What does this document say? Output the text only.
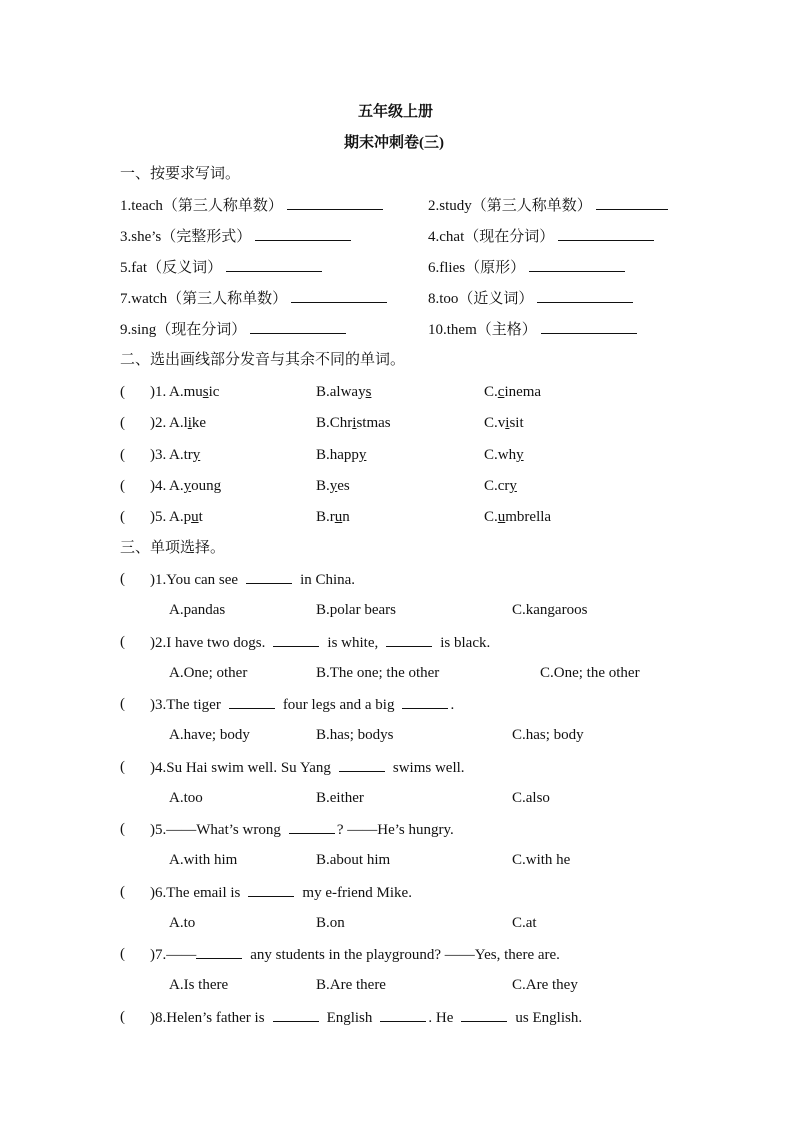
五年级上册
期末冲刺卷(三)
一、按要求写词。
1.teach（第三人称单数）	2.study（第三人称单数）
3.she’s（完整形式）	4.chat（现在分词）
5.fat（反义词）	6.flies（原形）
7.watch（第三人称单数）	8.too（近义词）
9.sing（现在分词）	10.them（主格）
二、选出画线部分发音与其余不同的单词。
( )1. A.music	B.always	C.cinema
( )2. A.like	B.Christmas	C.visit
( )3. A.try	B.happy	C.why
( )4. A.young	B.yes	C.cry
( )5. A.put	B.run	C.umbrella
三、单项选择。
( )1.You can see	in China.
A.pandas	B.polar bears	C.kangaroos
( )2.I have two dogs.	is white,	is black.
A.One; other	B.The one; the other	C.One; the other
( )3.The tiger	four legs and a big	.
A.have; body	B.has; bodys	C.has; body
( )4.Su Hai swim well. Su Yang	swims well.
A.too	B.either	C.also
( )5.——What’s wrong	? ——He’s hungry.
A.with him	B.about him	C.with he
( )6.The email is	my e-friend Mike.
A.to	B.on	C.at
( )7.——	any students in the playground? ——Yes, there are.
A.Is there	B.Are there	C.Are they
( )8.Helen’s father is	English	. He	us English.
